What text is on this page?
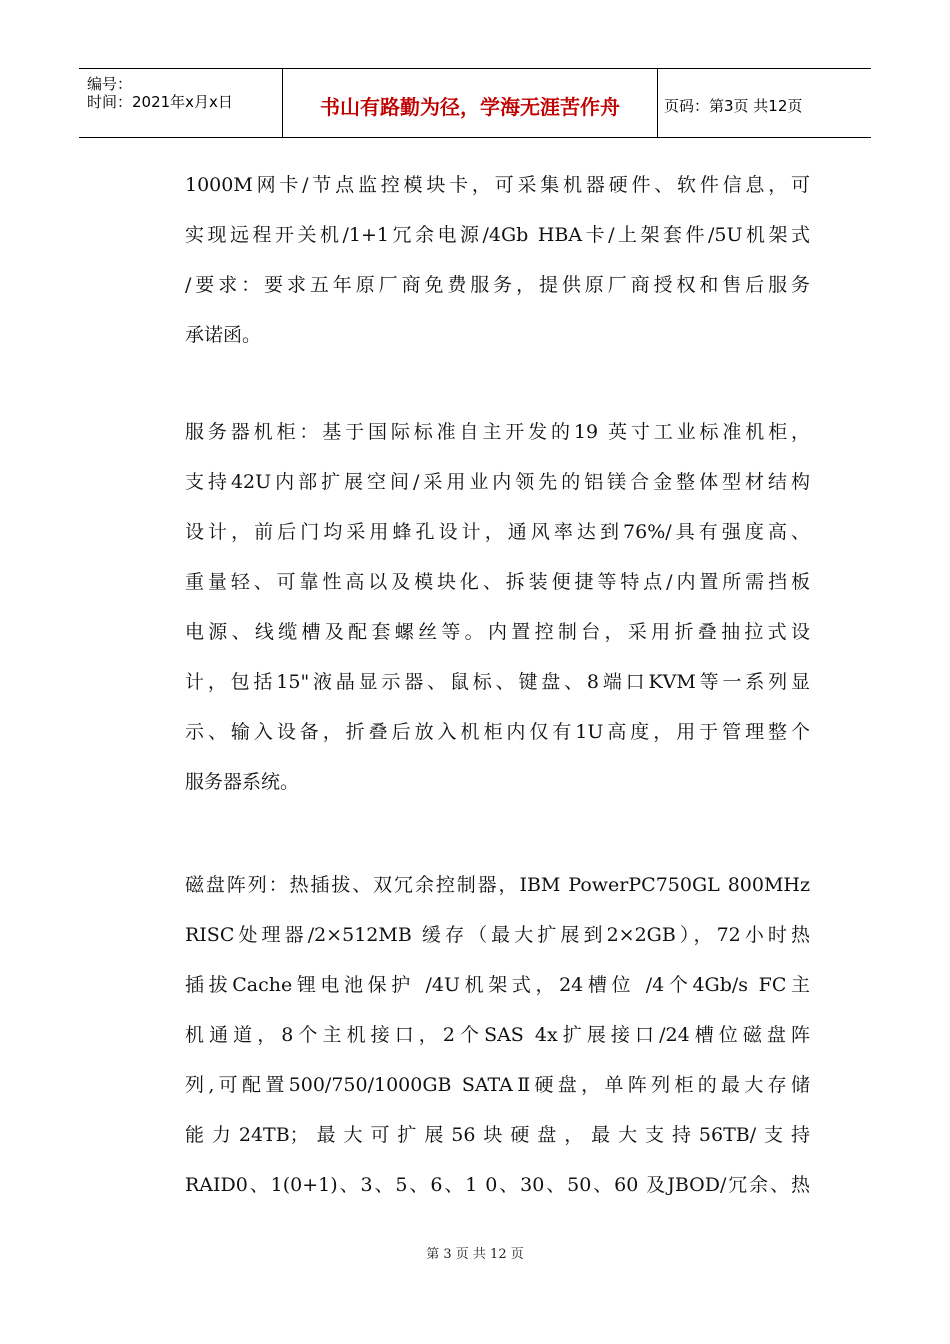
编号：
时间：2021年x月x日	书山有路勤为径，学海无涯苦作舟	页码：第3页 共12页
1000M网卡/节点监控模块卡，可采集机器硬件、软件信息，可
实现远程开关机/1+1冗余电源/4Gb HBA卡/上架套件/5U机架式
/要求：要求五年原厂商免费服务，提供原厂商授权和售后服务
承诺函。
服务器机柜：基于国际标准自主开发的19 英寸工业标准机柜，
支持42U内部扩展空间/采用业内领先的铝镁合金整体型材结构
设计，前后门均采用蜂孔设计，通风率达到76%/具有强度高、
重量轻、可靠性高以及模块化、拆装便捷等特点/内置所需挡板
电源、线缆槽及配套螺丝等。内置控制台，采用折叠抽拉式设
计，包括15"液晶显示器、鼠标、键盘、8端口KVM等一系列显
示、输入设备，折叠后放入机柜内仅有1U高度，用于管理整个
服务器系统。
磁盘阵列：热插拔、双冗余控制器，IBM PowerPC750GL 800MHz
RISC处理器/2×512MB 缓存（最大扩展到2×2GB），72小时热
插拔Cache锂电池保护 /4U机架式，24槽位 /4个4Gb/s FC主
机通道，8个主机接口，2个SAS 4x扩展接口/24槽位磁盘阵
列,可配置500/750/1000GB SATAⅡ硬盘，单阵列柜的最大存储
能力24TB；最大可扩展56块硬盘，最大支持56TB/支持
RAID0、1(0+1)、3、5、6、1 0、30、50、60 及JBOD/冗余、热
第 3 页 共 12 页
